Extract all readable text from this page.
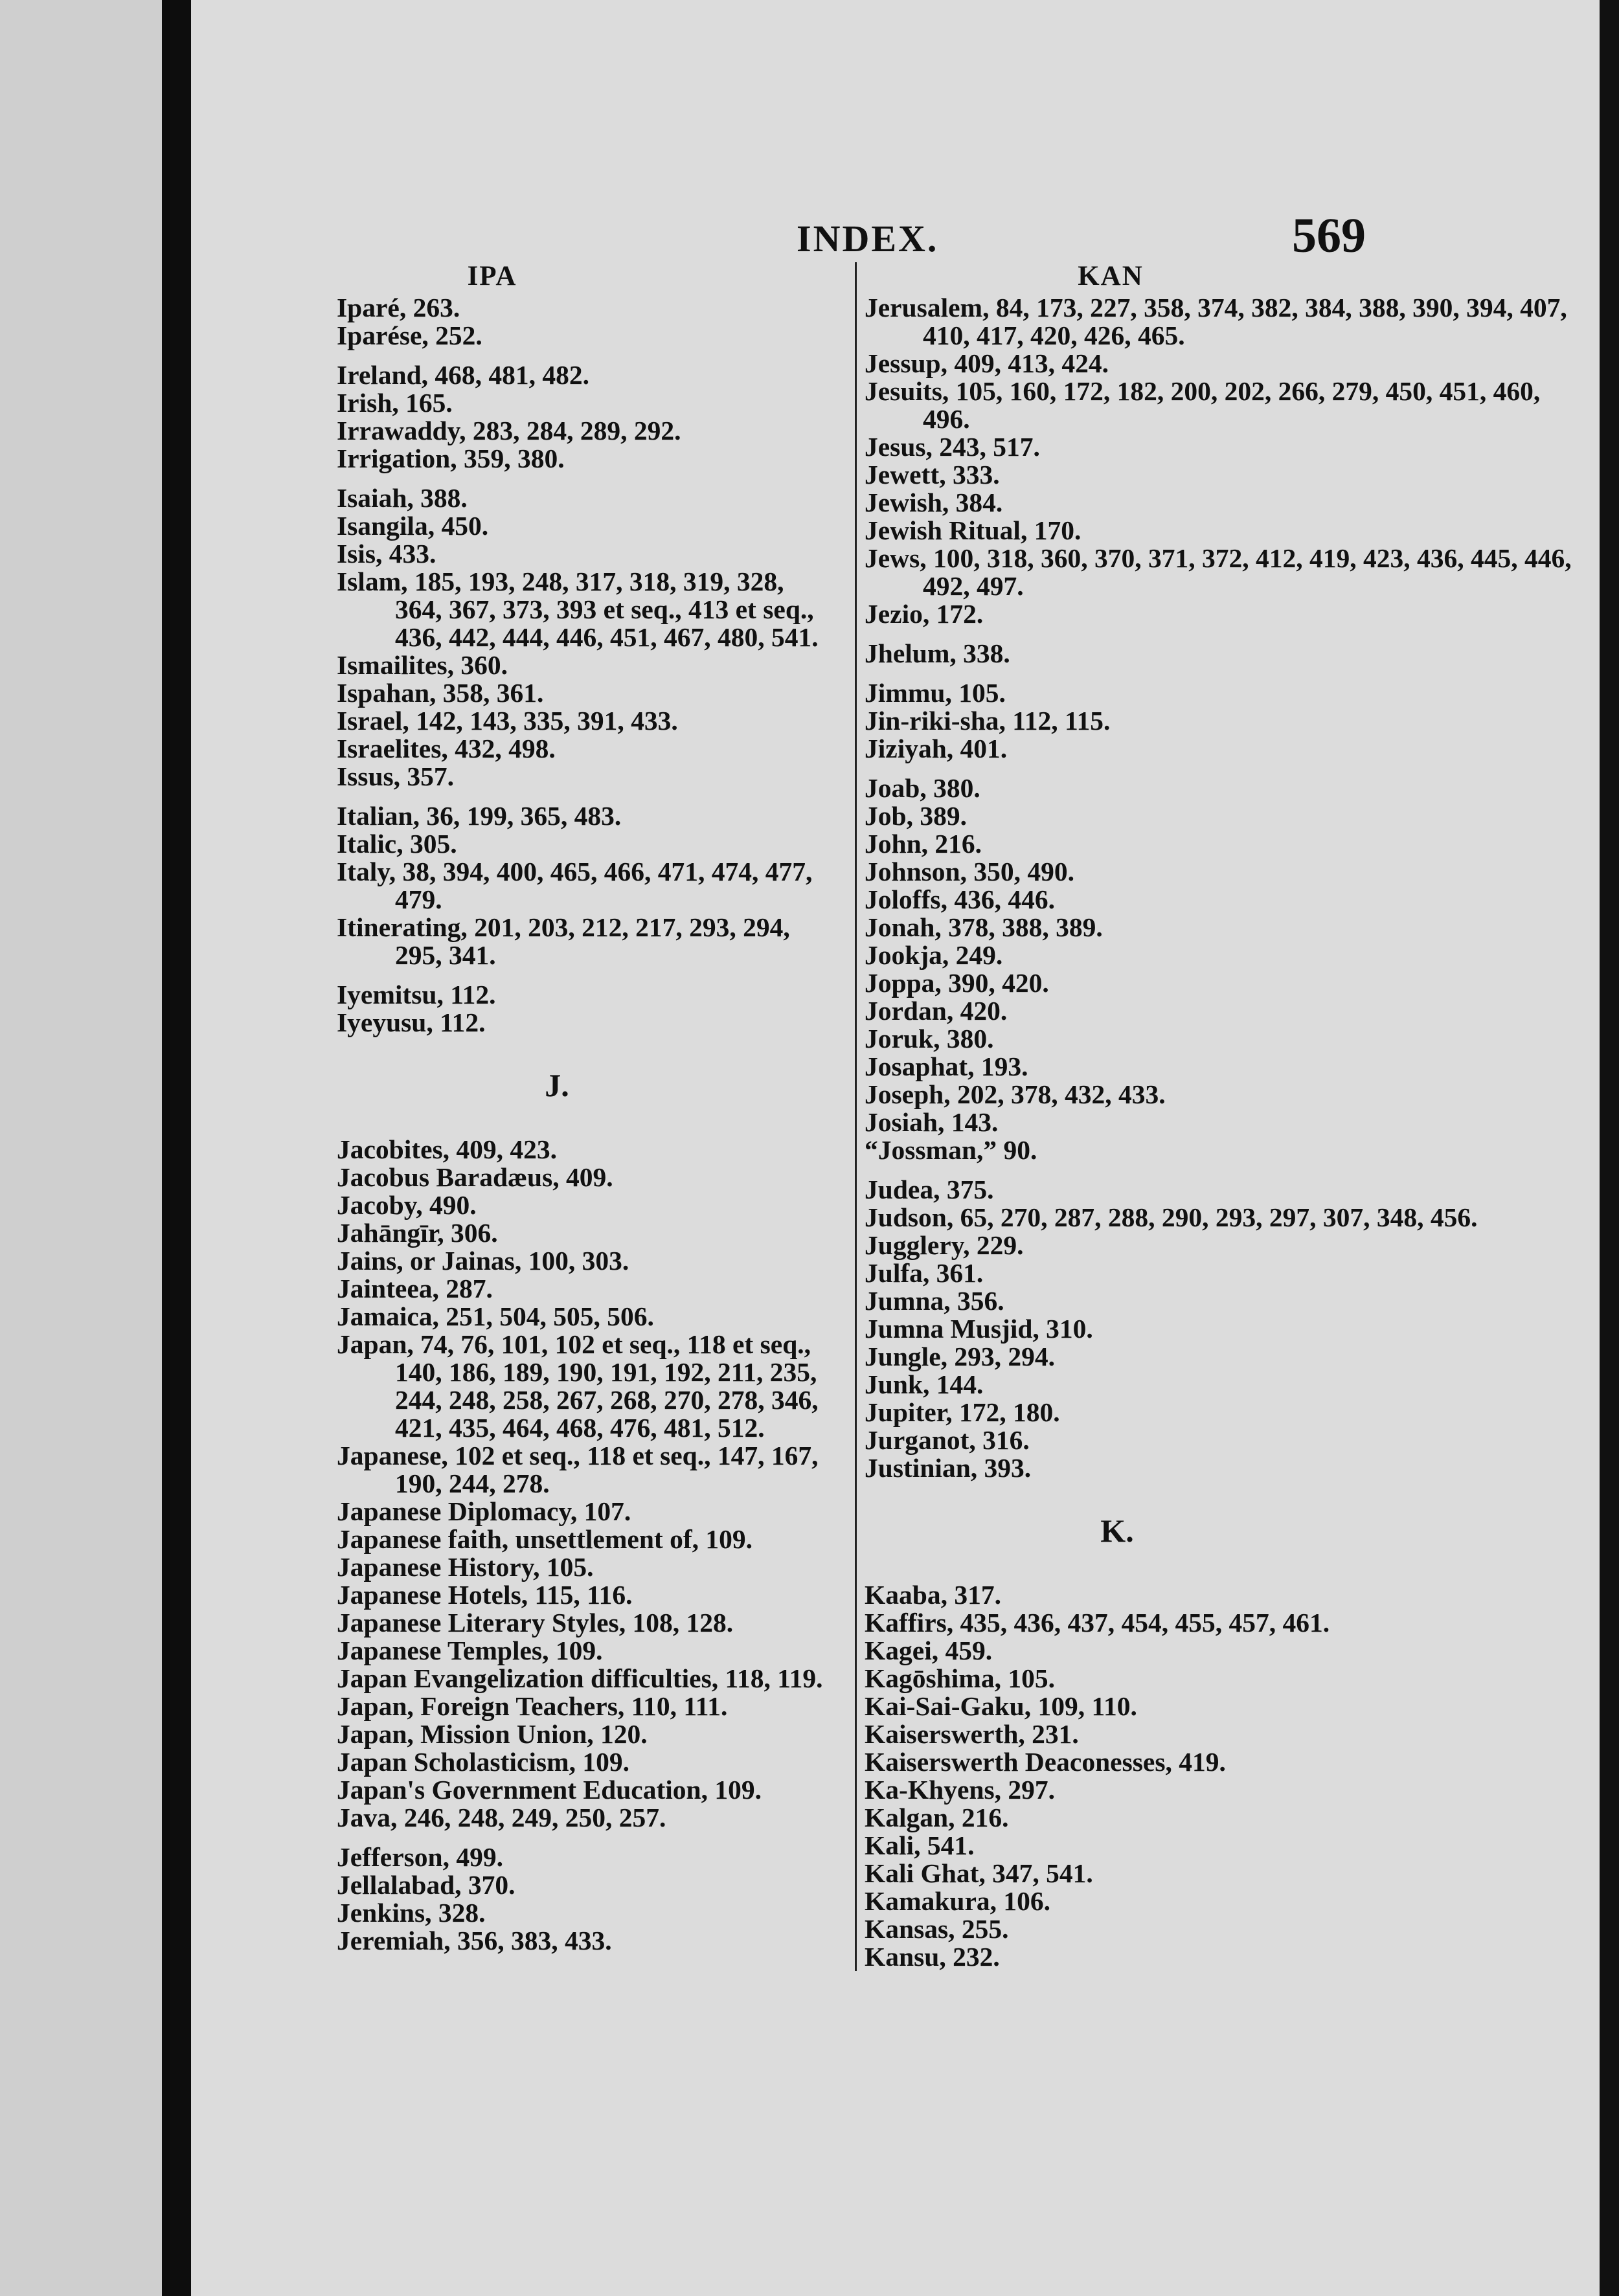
INDEX.	569
IPA
Iparé, 263.
Iparése, 252.
Ireland, 468, 481, 482.
Irish, 165.
Irrawaddy, 283, 284, 289, 292.
Irrigation, 359, 380.
Isaiah, 388.
Isangila, 450.
Isis, 433.
Islam, 185, 193, 248, 317, 318, 319, 328, 364, 367, 373, 393 et seq., 413 et seq., 436, 442, 444, 446, 451, 467, 480, 541.
Ismailites, 360.
Ispahan, 358, 361.
Israel, 142, 143, 335, 391, 433.
Israelites, 432, 498.
Issus, 357.
Italian, 36, 199, 365, 483.
Italic, 305.
Italy, 38, 394, 400, 465, 466, 471, 474, 477, 479.
Itinerating, 201, 203, 212, 217, 293, 294, 295, 341.
Iyemitsu, 112.
Iyeyusu, 112.
J.
Jacobites, 409, 423.
Jacobus Baradæus, 409.
Jacoby, 490.
Jahāngīr, 306.
Jains, or Jainas, 100, 303.
Jainteea, 287.
Jamaica, 251, 504, 505, 506.
Japan, 74, 76, 101, 102 et seq., 118 et seq., 140, 186, 189, 190, 191, 192, 211, 235, 244, 248, 258, 267, 268, 270, 278, 346, 421, 435, 464, 468, 476, 481, 512.
Japanese, 102 et seq., 118 et seq., 147, 167, 190, 244, 278.
Japanese Diplomacy, 107.
Japanese faith, unsettlement of, 109.
Japanese History, 105.
Japanese Hotels, 115, 116.
Japanese Literary Styles, 108, 128.
Japanese Temples, 109.
Japan Evangelization difficulties, 118, 119.
Japan, Foreign Teachers, 110, 111.
Japan, Mission Union, 120.
Japan Scholasticism, 109.
Japan's Government Education, 109.
Java, 246, 248, 249, 250, 257.
Jefferson, 499.
Jellalabad, 370.
Jenkins, 328.
Jeremiah, 356, 383, 433.
KAN
Jerusalem, 84, 173, 227, 358, 374, 382, 384, 388, 390, 394, 407, 410, 417, 420, 426, 465.
Jessup, 409, 413, 424.
Jesuits, 105, 160, 172, 182, 200, 202, 266, 279, 450, 451, 460, 496.
Jesus, 243, 517.
Jewett, 333.
Jewish, 384.
Jewish Ritual, 170.
Jews, 100, 318, 360, 370, 371, 372, 412, 419, 423, 436, 445, 446, 492, 497.
Jezio, 172.
Jhelum, 338.
Jimmu, 105.
Jin-riki-sha, 112, 115.
Jiziyah, 401.
Joab, 380.
Job, 389.
John, 216.
Johnson, 350, 490.
Joloffs, 436, 446.
Jonah, 378, 388, 389.
Jookja, 249.
Joppa, 390, 420.
Jordan, 420.
Joruk, 380.
Josaphat, 193.
Joseph, 202, 378, 432, 433.
Josiah, 143.
“Jossman,” 90.
Judea, 375.
Judson, 65, 270, 287, 288, 290, 293, 297, 307, 348, 456.
Jugglery, 229.
Julfa, 361.
Jumna, 356.
Jumna Musjid, 310.
Jungle, 293, 294.
Junk, 144.
Jupiter, 172, 180.
Jurganot, 316.
Justinian, 393.
K.
Kaaba, 317.
Kaffirs, 435, 436, 437, 454, 455, 457, 461.
Kagei, 459.
Kagōshima, 105.
Kai-Sai-Gaku, 109, 110.
Kaiserswerth, 231.
Kaiserswerth Deaconesses, 419.
Ka-Khyens, 297.
Kalgan, 216.
Kali, 541.
Kali Ghat, 347, 541.
Kamakura, 106.
Kansas, 255.
Kansu, 232.
